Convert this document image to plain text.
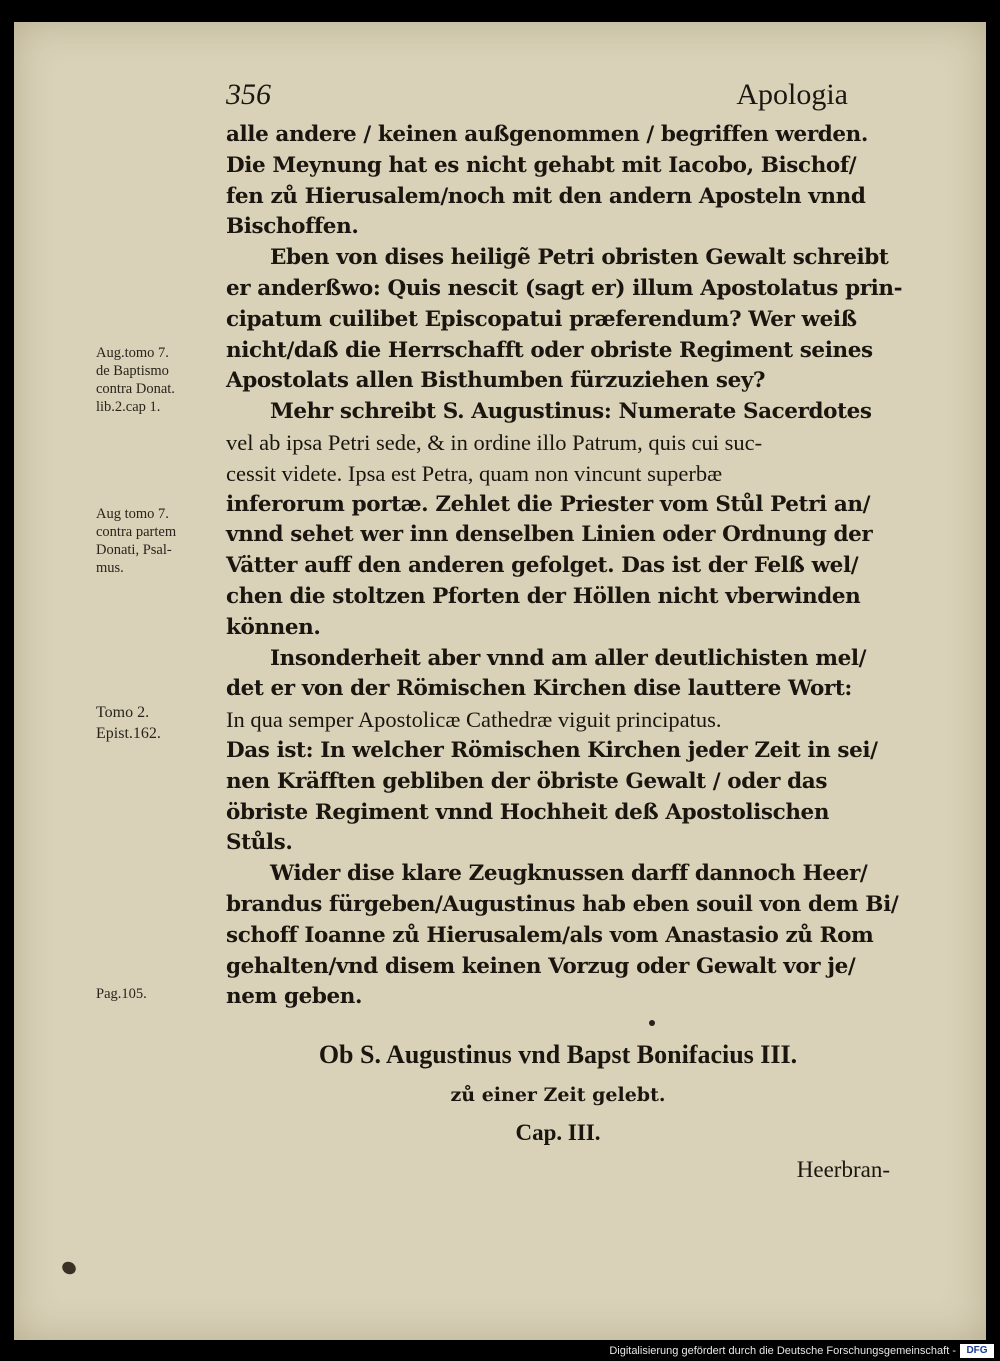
356	Apologia
alle andere / keinen außgenommen / begriffen werden.
Die Meynung hat es nicht gehabt mit Iacobo, Bischof/
fen zů Hierusalem/noch mit den andern Aposteln vnnd
Bischoffen.
Eben von dises heiligẽ Petri obristen Gewalt schreibt
er anderßwo: Quis nescit (sagt er) illum Apostolatus prin-
cipatum cuilibet Episcopatui præferendum? Wer weiß
nicht/daß die Herrschafft oder obriste Regiment seines
Apostolats allen Bisthumben fürzuziehen sey?
Mehr schreibt S. Augustinus: Numerate Sacerdotes
vel ab ipsa Petri sede, & in ordine illo Patrum, quis cui suc-
cessit videte. Ipsa est Petra, quam non vincunt superbæ
inferorum portæ. Zehlet die Priester vom Stůl Petri an/
vnnd sehet wer inn denselben Linien oder Ordnung der
Vätter auff den anderen gefolget. Das ist der Felß wel/
chen die stoltzen Pforten der Höllen nicht vberwinden
können.
Insonderheit aber vnnd am aller deutlichisten mel/
det er von der Römischen Kirchen dise lauttere Wort:
In qua semper Apostolicæ Cathedræ viguit principatus.
Das ist: In welcher Römischen Kirchen jeder Zeit in sei/
nen Kräfften gebliben der öbriste Gewalt / oder das
öbriste Regiment vnnd Hochheit deß Apostolischen
Stůls.
Wider dise klare Zeugknussen darff dannoch Heer/
brandus fürgeben/Augustinus hab eben souil von dem Bi/
schoff Ioanne zů Hierusalem/als vom Anastasio zů Rom
gehalten/vnd disem keinen Vorzug oder Gewalt vor je/
nem geben.
Aug.tomo 7.
de Baptismo
contra Donat.
lib.2.cap 1.
Aug tomo 7.
contra partem
Donati, Psal-
mus.
Tomo 2.
Epist.162.
Pag.105.
Ob S. Augustinus vnd Bapst Bonifacius III.
zů einer Zeit gelebt.
Cap. III.
Heerbran-
Digitalisierung gefördert durch die Deutsche Forschungsgemeinschaft -	DFG
